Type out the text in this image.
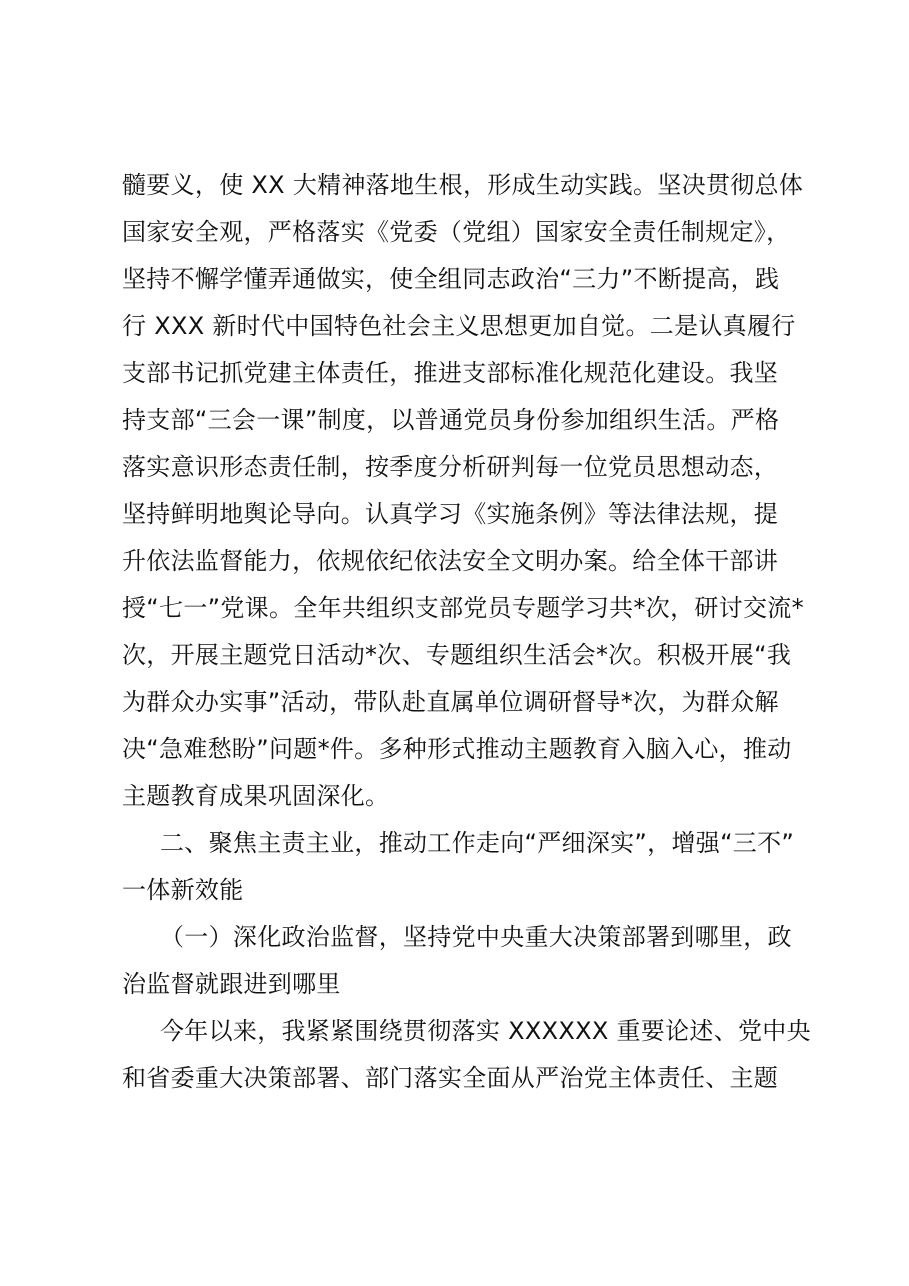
髓要义，使 XX 大精神落地生根，形成生动实践。坚决贯彻总体
国家安全观，严格落实《党委（党组）国家安全责任制规定》，
坚持不懈学懂弄通做实，使全组同志政治“三力”不断提高，践
行 XXX 新时代中国特色社会主义思想更加自觉。二是认真履行
支部书记抓党建主体责任，推进支部标准化规范化建设。我坚
持支部“三会一课”制度，以普通党员身份参加组织生活。严格
落实意识形态责任制，按季度分析研判每一位党员思想动态，
坚持鲜明地舆论导向。认真学习《实施条例》等法律法规，提
升依法监督能力，依规依纪依法安全文明办案。给全体干部讲
授“七一”党课。全年共组织支部党员专题学习共*次，研讨交流*
次，开展主题党日活动*次、专题组织生活会*次。积极开展“我
为群众办实事”活动，带队赴直属单位调研督导*次，为群众解
决“急难愁盼”问题*件。多种形式推动主题教育入脑入心，推动
主题教育成果巩固深化。
二、聚焦主责主业，推动工作走向“严细深实”，增强“三不”
一体新效能
（一）深化政治监督，坚持党中央重大决策部署到哪里，政
治监督就跟进到哪里
今年以来，我紧紧围绕贯彻落实 XXXXXX 重要论述、党中央
和省委重大决策部署、部门落实全面从严治党主体责任、主题
